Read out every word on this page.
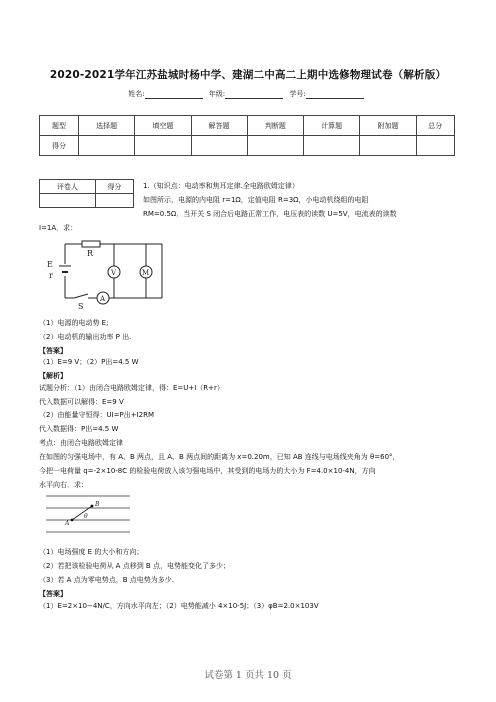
2020-2021学年江苏盐城时杨中学、建湖二中高二上期中选修物理试卷（解析版）
姓名:	年级:	学号:
题型	选择题	填空题	解答题	判断题	计算题	附加题	总分
得分							
评卷人	得分
		1.（知识点：电动率和焦耳定律.全电路欧姆定律）
如图所示，电源的内电阻 r=1Ω，定值电阻 R=3Ω，小电动机绕组的电阻
RM=0.5Ω．当开关 S 闭合后电路正常工作，电压表的读数 U=5V，电流表的读数
I=1A．求：
R
E
r	V	M
A
S
（1）电源的电动势 E;
（2）电动机的输出功率 P 出.
【答案】
（1）E=9 V；（2）P出=4.5 W
【解析】
试题分析：（1）由闭合电路欧姆定律，得：E=U+I（R+r）
代入数据可以解得：E=9 V
（2）由能量守恒得：UI=P出+I2RM
代入数据得：P出=4.5 W
考点：由闭合电路欧姆定律
在如图的匀强电场中，有 A、B 两点，且 A、B 两点间的距离为 x=0.20m，已知 AB 连线与电场线夹角为 θ=60°，
今把一电荷量 q=-2×10-8C 的检验电荷放入该匀强电场中，其受到的电场力的大小为 F=4.0×10-4N，方向
水平向右．求：
A
B
θ
（1）电场强度 E 的大小和方向；
（2）若把该检验电荷从 A 点移到 B 点，电势能变化了多少；
（3）若 A 点为零电势点，B 点电势为多少.
【答案】
（1）E=2×10−4N/C，方向水平向左；（2）电势能减小 4×10-5J；（3）φB=2.0×103V
试卷第 1 页共 10 页
